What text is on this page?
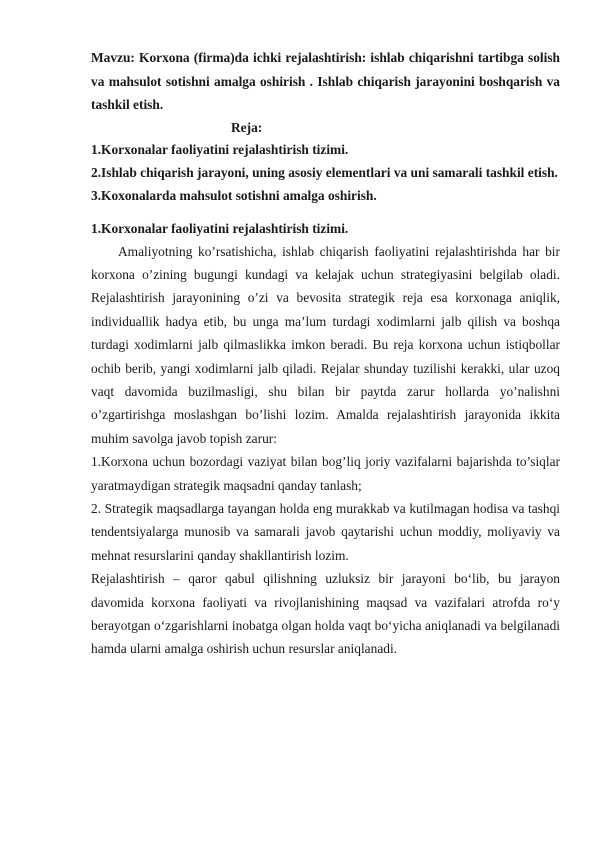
Mavzu: Korxona (firma)da ichki rejalashtirish: ishlab chiqarishni tartibga solish va mahsulot sotishni amalga oshirish . Ishlab chiqarish jarayonini boshqarish va tashkil etish.

Reja:

1.Korxonalar faoliyatini rejalashtirish tizimi.
2.Ishlab chiqarish jarayoni, uning asosiy elementlari va uni samarali tashkil etish.
3.Koxonalarda mahsulot sotishni amalga oshirish.

1.Korxonalar faoliyatini rejalashtirish tizimi.

Amaliyotning ko’rsatishicha, ishlab chiqarish faoliyatini rejalashtirishda har bir korxona o’zining bugungi kundagi va kelajak uchun strategiyasini belgilab oladi. Rejalashtirish jarayonining o’zi va bevosita strategik reja esa korxonaga aniqlik, individuallik hadya etib, bu unga ma’lum turdagi xodimlarni jalb qilish va boshqa turdagi xodimlarni jalb qilmaslikka imkon beradi. Bu reja korxona uchun istiqbollar ochib berib, yangi xodimlarni jalb qiladi. Rejalar shunday tuzilishi kerakki, ular uzoq vaqt davomida buzilmasligi, shu bilan bir paytda zarur hollarda yo’nalishni o’zgartirishga moslashgan bo’lishi lozim. Amalda rejalashtirish jarayonida ikkita muhim savolga javob topish zarur:

1.Korxona uchun bozordagi vaziyat bilan bog’liq joriy vazifalarni bajarishda to’siqlar yaratmaydigan strategik maqsadni qanday tanlash;

2. Strategik maqsadlarga tayangan holda eng murakkab va kutilmagan hodisa va tashqi tendentsiyalarga munosib va samarali javob qaytarishi uchun moddiy, moliyaviy va mehnat resurslarini qanday shakllantirish lozim.

Rejalashtirish – qaror qabul qilishning uzluksiz bir jarayoni bo‘lib, bu jarayon davomida korxona faoliyati va rivojlanishining maqsad va vazifalari atrofda ro‘y berayotgan o‘zgarishlarni inobatga olgan holda vaqt bo‘yicha aniqlanadi va belgilanadi hamda ularni amalga oshirish uchun resurslar aniqlanadi.
